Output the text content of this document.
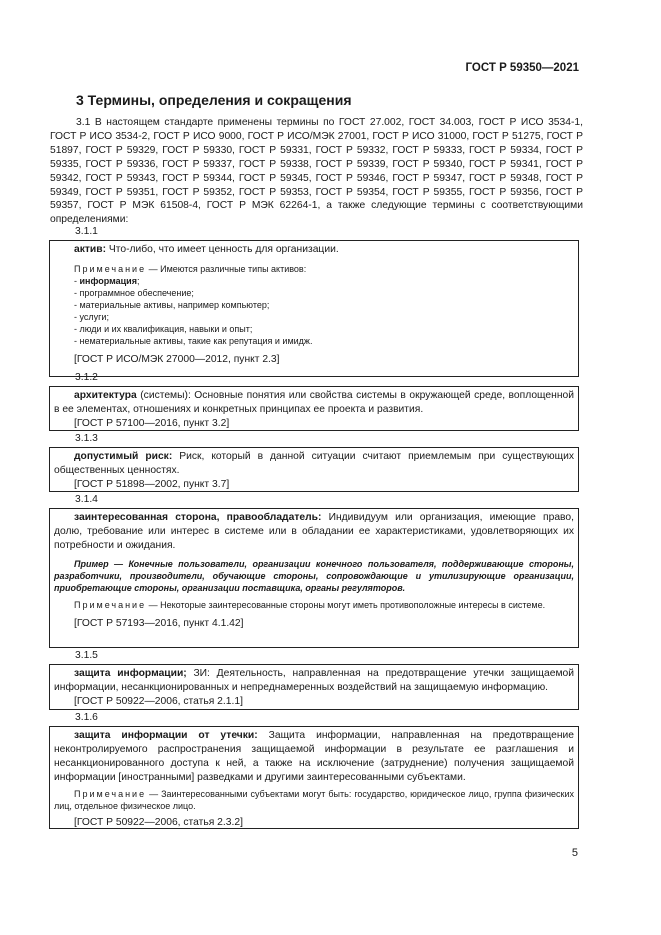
ГОСТ Р 59350—2021
3 Термины, определения и сокращения
3.1 В настоящем стандарте применены термины по ГОСТ 27.002, ГОСТ 34.003, ГОСТ Р ИСО 3534-1, ГОСТ Р ИСО 3534-2, ГОСТ Р ИСО 9000, ГОСТ Р ИСО/МЭК 27001, ГОСТ Р ИСО 31000, ГОСТ Р 51275, ГОСТ Р 51897, ГОСТ Р 59329, ГОСТ Р 59330, ГОСТ Р 59331, ГОСТ Р 59332, ГОСТ Р 59333, ГОСТ Р 59334, ГОСТ Р 59335, ГОСТ Р 59336, ГОСТ Р 59337, ГОСТ Р 59338, ГОСТ Р 59339, ГОСТ Р 59340, ГОСТ Р 59341, ГОСТ Р 59342, ГОСТ Р 59343, ГОСТ Р 59344, ГОСТ Р 59345, ГОСТ Р 59346, ГОСТ Р 59347, ГОСТ Р 59348, ГОСТ Р 59349, ГОСТ Р 59351, ГОСТ Р 59352, ГОСТ Р 59353, ГОСТ Р 59354, ГОСТ Р 59355, ГОСТ Р 59356, ГОСТ Р 59357, ГОСТ Р МЭК 61508-4, ГОСТ Р МЭК 62264-1, а также следующие термины с соответствующими определениями:
3.1.1

актив: Что-либо, что имеет ценность для организации.

Примечание — Имеются различные типы активов:

- информация;
- программное обеспечение;
- материальные активы, например компьютер;
- услуги;
- люди и их квалификация, навыки и опыт;
- нематериальные активы, такие как репутация и имидж.

[ГОСТ Р ИСО/МЭК 27000—2012, пункт 2.3]

3.1.2

архитектура (системы): Основные понятия или свойства системы в окружающей среде, воплощенной в ее элементах, отношениях и конкретных принципах ее проекта и развития.

[ГОСТ Р 57100—2016, пункт 3.2]

3.1.3

допустимый риск: Риск, который в данной ситуации считают приемлемым при существующих общественных ценностях.

[ГОСТ Р 51898—2002, пункт 3.7]

3.1.4

заинтересованная сторона, правообладатель: Индивидуум или организация, имеющие право, долю, требование или интерес в системе или в обладании ее характеристиками, удовлетворяющих их потребности и ожидания.

Пример — Конечные пользователи, организации конечного пользователя, поддерживающие стороны, разработчики, производители, обучающие стороны, сопровождающие и утилизирующие организации, приобретающие стороны, организации поставщика, органы регуляторов.

Примечание — Некоторые заинтересованные стороны могут иметь противоположные интересы в системе.

[ГОСТ Р 57193—2016, пункт 4.1.42]

3.1.5

защита информации; ЗИ: Деятельность, направленная на предотвращение утечки защищаемой информации, несанкционированных и непреднамеренных воздействий на защищаемую информацию.

[ГОСТ Р 50922—2006, статья 2.1.1]

3.1.6

защита информации от утечки: Защита информации, направленная на предотвращение неконтролируемого распространения защищаемой информации в результате ее разглашения и несанкционированного доступа к ней, а также на исключение (затруднение) получения защищаемой информации [иностранными] разведками и другими заинтересованными субъектами.

Примечание — Заинтересованными субъектами могут быть: государство, юридическое лицо, группа физических лиц, отдельное физическое лицо.

[ГОСТ Р 50922—2006, статья 2.3.2]

5
